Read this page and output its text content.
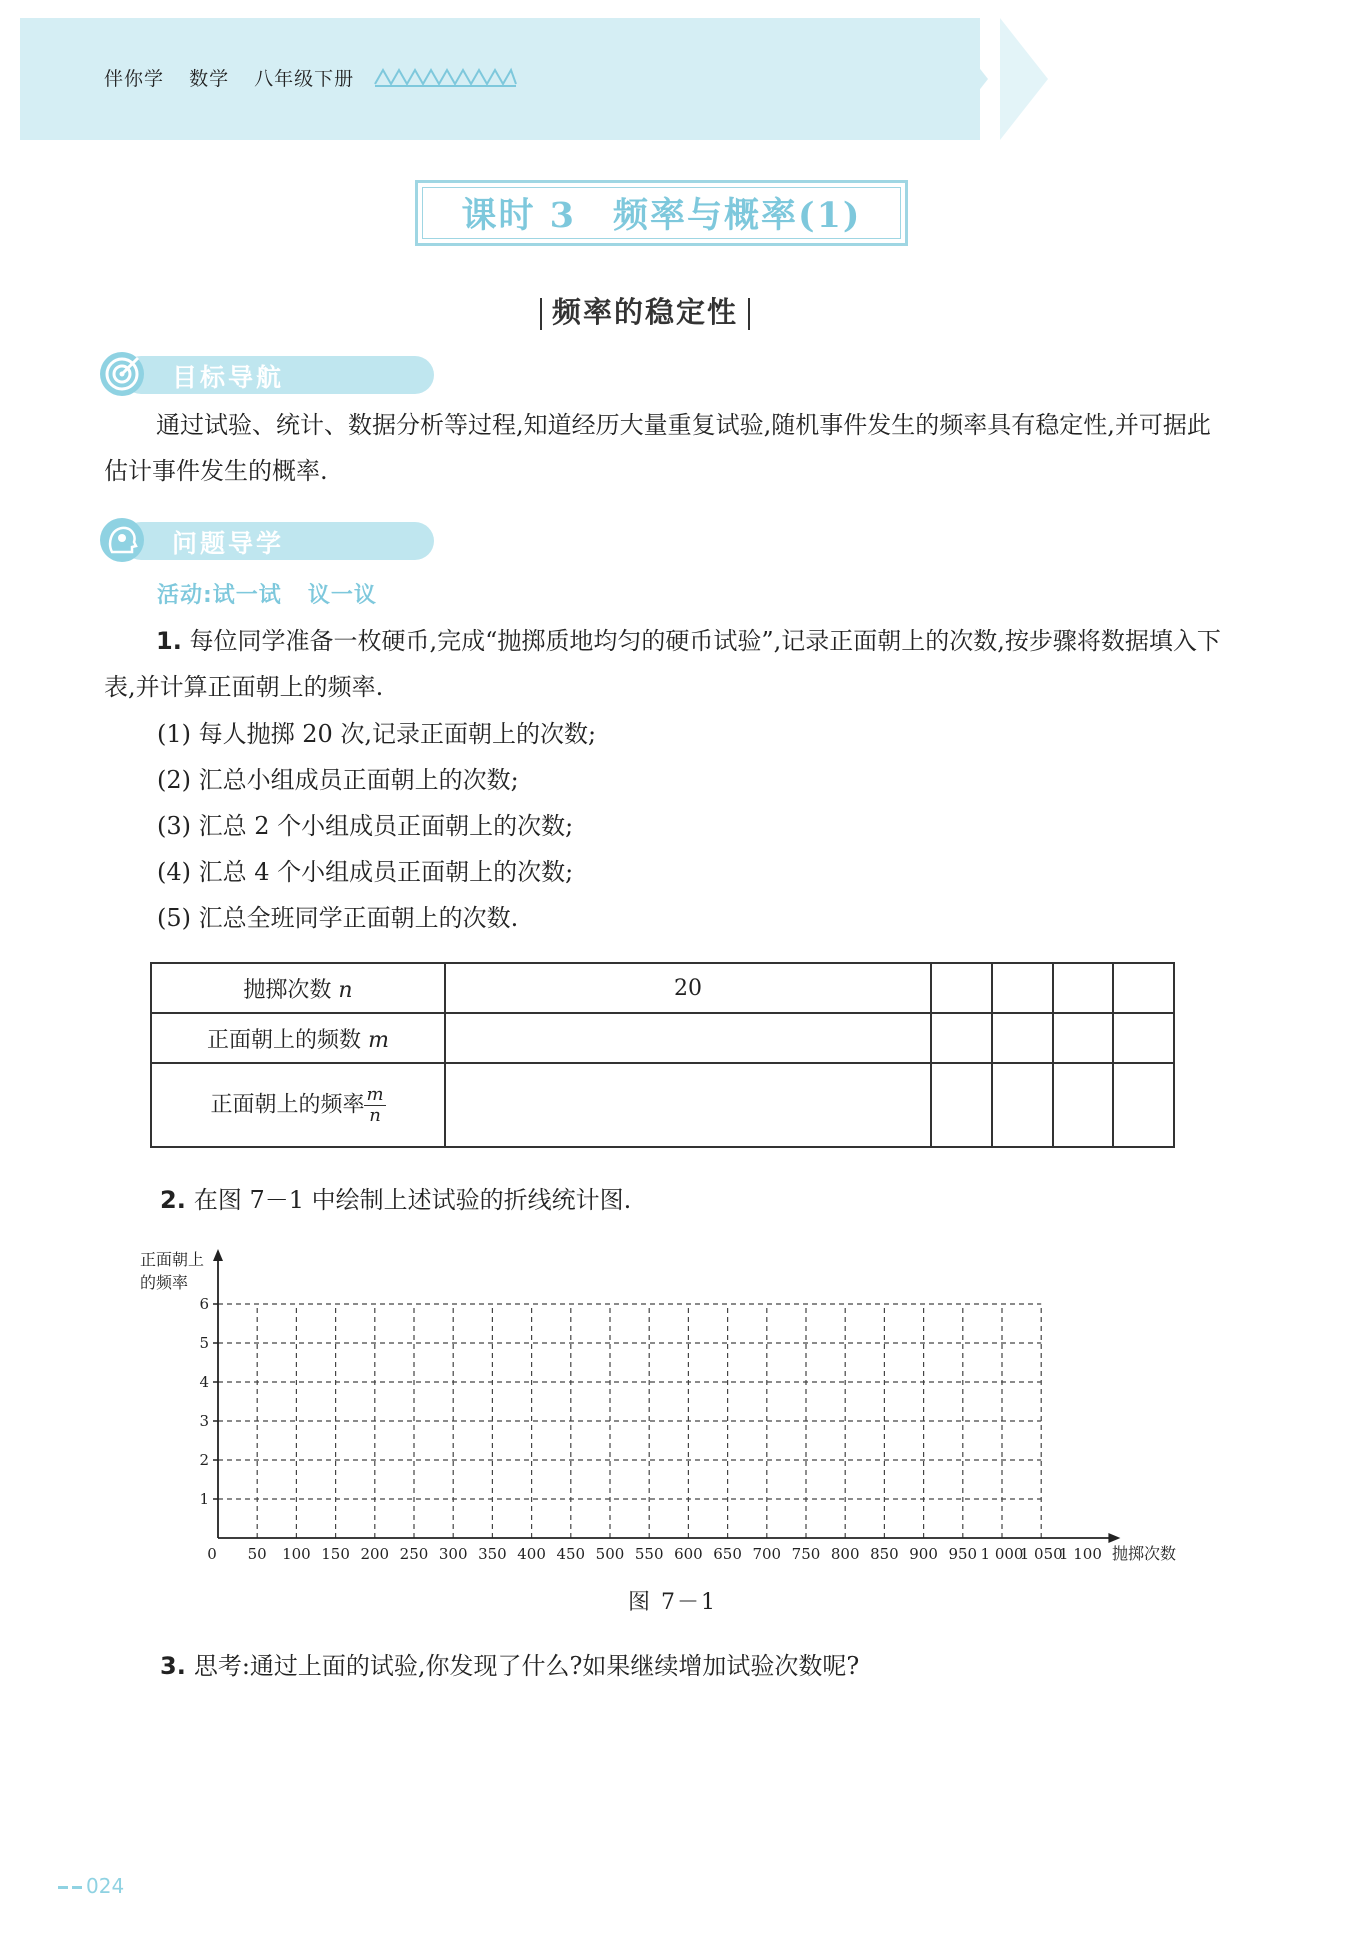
伴你学 数学 八年级下册
课时 3　频率与概率(1)
频率的稳定性
目标导航
通过试验、统计、数据分析等过程,知道经历大量重复试验,随机事件发生的频率具有稳定性,并可据此估计事件发生的概率.
问题导学
活动:试一试 议一议
1. 每位同学准备一枚硬币,完成“抛掷质地均匀的硬币试验”,记录正面朝上的次数,按步骤将数据填入下表,并计算正面朝上的频率.
(1) 每人抛掷 20 次,记录正面朝上的次数;
(2) 汇总小组成员正面朝上的次数;
(3) 汇总 2 个小组成员正面朝上的次数;
(4) 汇总 4 个小组成员正面朝上的次数;
(5) 汇总全班同学正面朝上的次数.
抛掷次数 n	20				
正面朝上的频数 m					
正面朝上的频率 $\frac{m}{n}$

2. 在图 7－1 中绘制上述试验的折线统计图.
正面朝上
的频率
抛掷次数
0 50 100 150 200 250 300 350 400 450 500 550 600 650 700 750 800 850 900 950 1 000
1 050
1 100
1
2
3
4
5
6
图 7－1
3. 思考:通过上面的试验,你发现了什么?如果继续增加试验次数呢?
024
